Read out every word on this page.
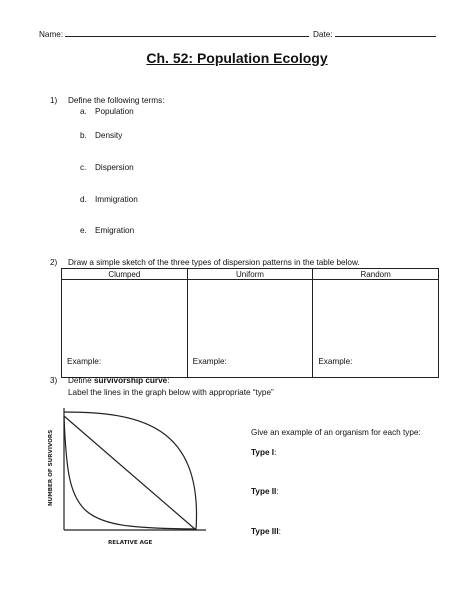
Name:	Date:
Ch. 52: Population Ecology
1) Define the following terms:
a. Population
b. Density
c. Dispersion
d. Immigration
e. Emigration
2) Draw a simple sketch of the three types of dispersion patterns in the table below.
Clumped	Uniform	Random
Example:	Example:	Example:
3) Define survivorship curve:
Label the lines in the graph below with appropriate “type”
NUMBER OF SURVIVORS
RELATIVE AGE
Give an example of an organism for each type:
Type I:
Type II:
Type III:
